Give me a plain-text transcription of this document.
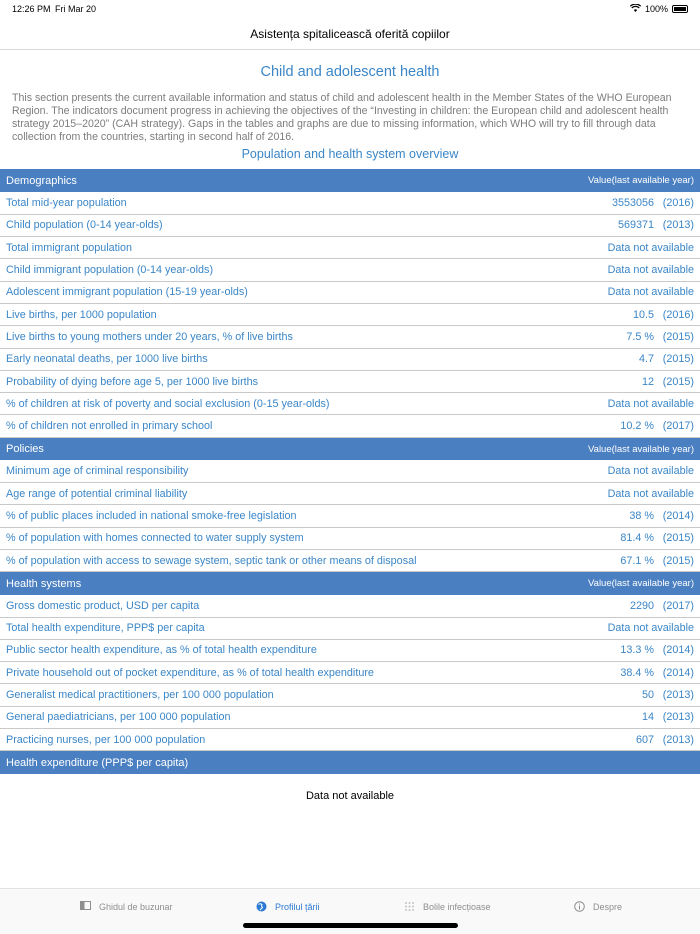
12:26 PM Fri Mar 20	100%
Asistența spitalicească oferită copiilor
Child and adolescent health
This section presents the current available information and status of child and adolescent health in the Member States of the WHO European Region. The indicators document progress in achieving the objectives of the “Investing in children: the European child and adolescent health strategy 2015–2020” (CAH strategy). Gaps in the tables and graphs are due to missing information, which WHO will try to fill through data collection from the countries, starting in second half of 2016.
Population and health system overview
Demographics	Value(last available year)
Total mid-year population	3553056 (2016)
Child population (0-14 year-olds)	569371 (2013)
Total immigrant population	Data not available
Child immigrant population (0-14 year-olds)	Data not available
Adolescent immigrant population (15-19 year-olds)	Data not available
Live births, per 1000 population	10.5 (2016)
Live births to young mothers under 20 years, % of live births	7.5 % (2015)
Early neonatal deaths, per 1000 live births	4.7 (2015)
Probability of dying before age 5, per 1000 live births	12 (2015)
% of children at risk of poverty and social exclusion (0-15 year-olds)	Data not available
% of children not enrolled in primary school	10.2 % (2017)
Policies	Value(last available year)
Minimum age of criminal responsibility	Data not available
Age range of potential criminal liability	Data not available
% of public places included in national smoke-free legislation	38 % (2014)
% of population with homes connected to water supply system	81.4 % (2015)
% of population with access to sewage system, septic tank or other means of disposal	67.1 % (2015)
Health systems	Value(last available year)
Gross domestic product, USD per capita	2290 (2017)
Total health expenditure, PPP$ per capita	Data not available
Public sector health expenditure, as % of total health expenditure	13.3 % (2014)
Private household out of pocket expenditure, as % of total health expenditure	38.4 % (2014)
Generalist medical practitioners, per 100 000 population	50 (2013)
General paediatricians, per 100 000 population	14 (2013)
Practicing nurses, per 100 000 population	607 (2013)
Health expenditure (PPP$ per capita)
Data not available
Ghidul de buzunar	Profilul țării	Bolile infecțioase	Despre
